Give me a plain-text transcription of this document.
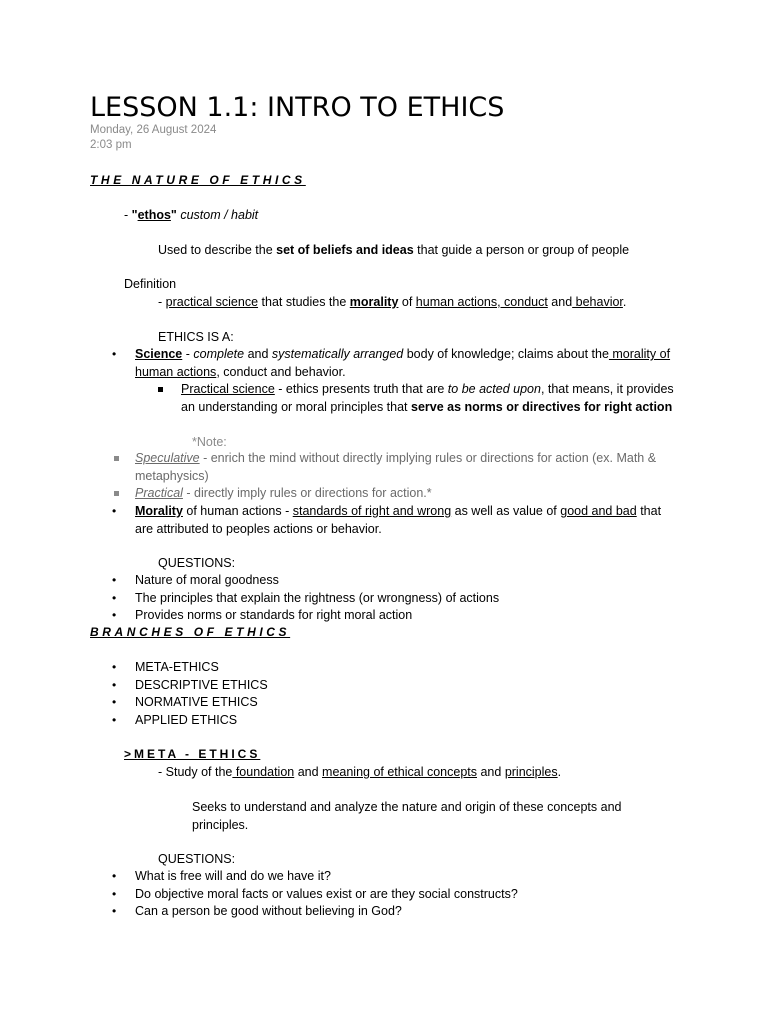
LESSON 1.1: INTRO TO ETHICS
Monday, 26 August 2024
2:03 pm
THE NATURE OF ETHICS
- "ethos" custom / habit
Used to describe the set of beliefs and ideas that guide a person or group of people
Definition
- practical science that studies the morality of human actions, conduct and behavior.
ETHICS IS A:
• Science - complete and systematically arranged body of knowledge; claims about the morality of human actions, conduct and behavior.
Practical science - ethics presents truth that are to be acted upon, that means, it provides an understanding or moral principles that serve as norms or directives for right action
*Note:
Speculative - enrich the mind without directly implying rules or directions for action (ex. Math & metaphysics)
Practical - directly imply rules or directions for action.*
• Morality of human actions - standards of right and wrong as well as value of good and bad that are attributed to peoples actions or behavior.
QUESTIONS:
• Nature of moral goodness
• The principles that explain the rightness (or wrongness) of actions
• Provides norms or standards for right moral action
BRANCHES OF ETHICS
• META-ETHICS
• DESCRIPTIVE ETHICS
• NORMATIVE ETHICS
• APPLIED ETHICS
>META - ETHICS
- Study of the foundation and meaning of ethical concepts and principles.
Seeks to understand and analyze the nature and origin of these concepts and principles.
QUESTIONS:
• What is free will and do we have it?
• Do objective moral facts or values exist or are they social constructs?
• Can a person be good without believing in God?
